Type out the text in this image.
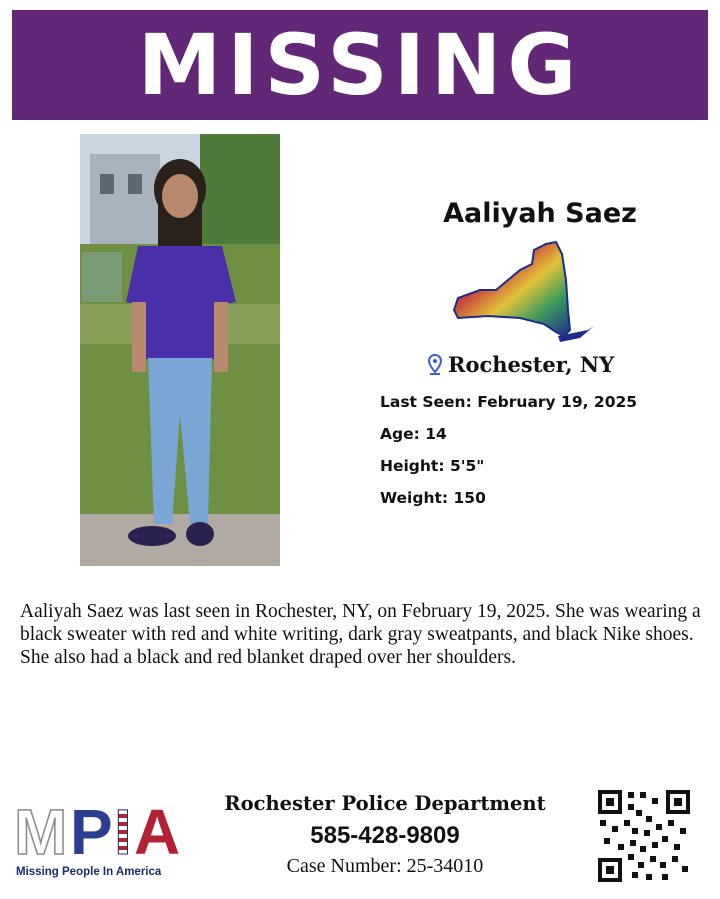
MISSING
Aaliyah Saez
Rochester, NY
Last Seen: February 19, 2025
Age: 14
Height: 5'5"
Weight: 150
Aaliyah Saez was last seen in Rochester, NY, on February 19, 2025. She was wearing a black sweater with red and white writing, dark gray sweatpants, and black Nike shoes. She also had a black and red blanket draped over her shoulders.
M P I A
Missing People In America
Rochester Police Department
585-428-9809
Case Number: 25-34010
